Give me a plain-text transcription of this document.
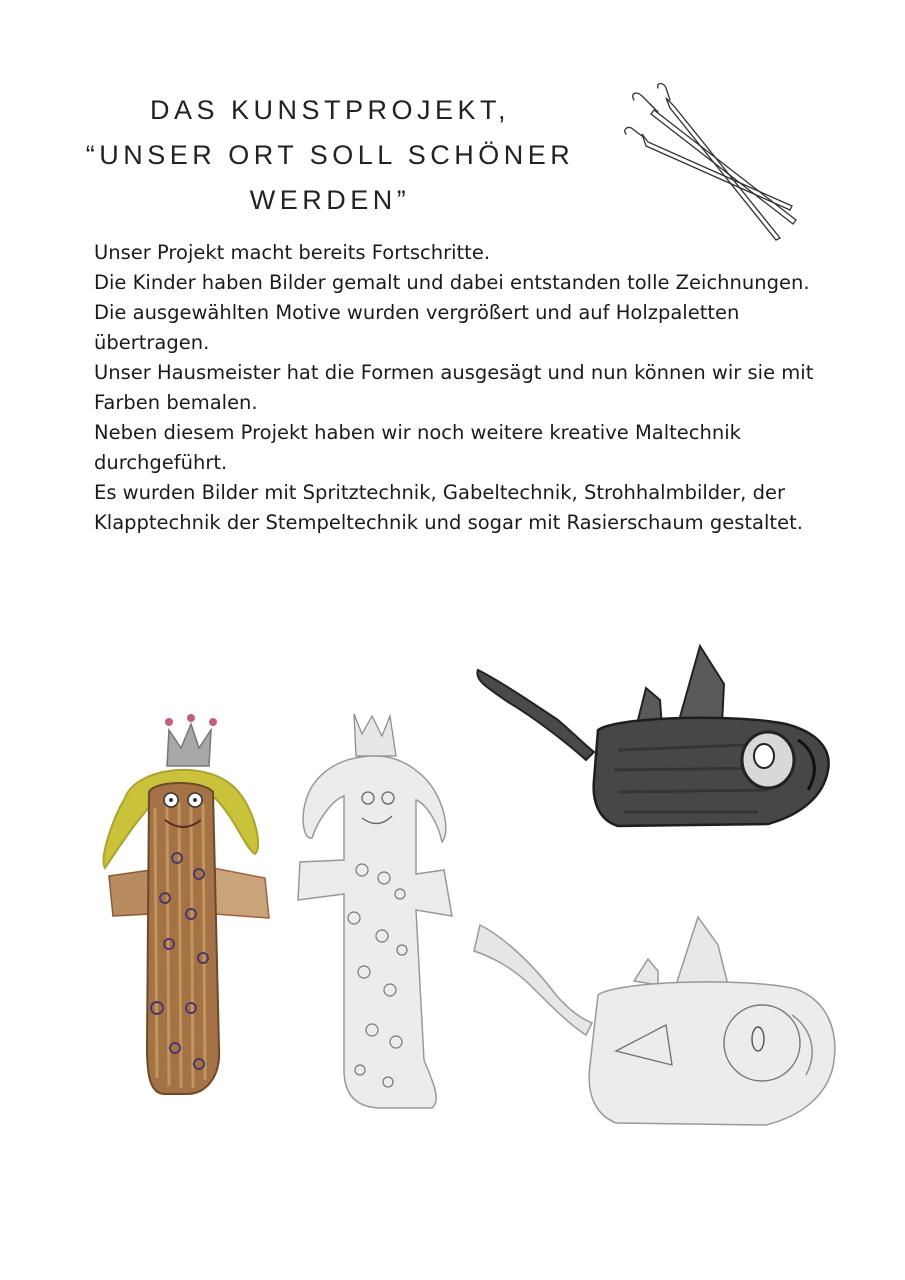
DAS KUNSTPROJEKT,
“UNSER ORT SOLL SCHÖNER
WERDEN”

Unser Projekt macht bereits Fortschritte.

Die Kinder haben Bilder gemalt und dabei entstanden tolle Zeichnungen.

Die ausgewählten Motive wurden vergrößert und auf Holzpaletten übertragen.

Unser Hausmeister hat die Formen ausgesägt und nun können wir sie mit Farben bemalen.

Neben diesem Projekt haben wir noch weitere kreative Maltechnik durchgeführt.

Es wurden Bilder mit Spritztechnik, Gabeltechnik, Strohhalmbilder, der Klapptechnik der Stempeltechnik und sogar mit Rasierschaum gestaltet.
